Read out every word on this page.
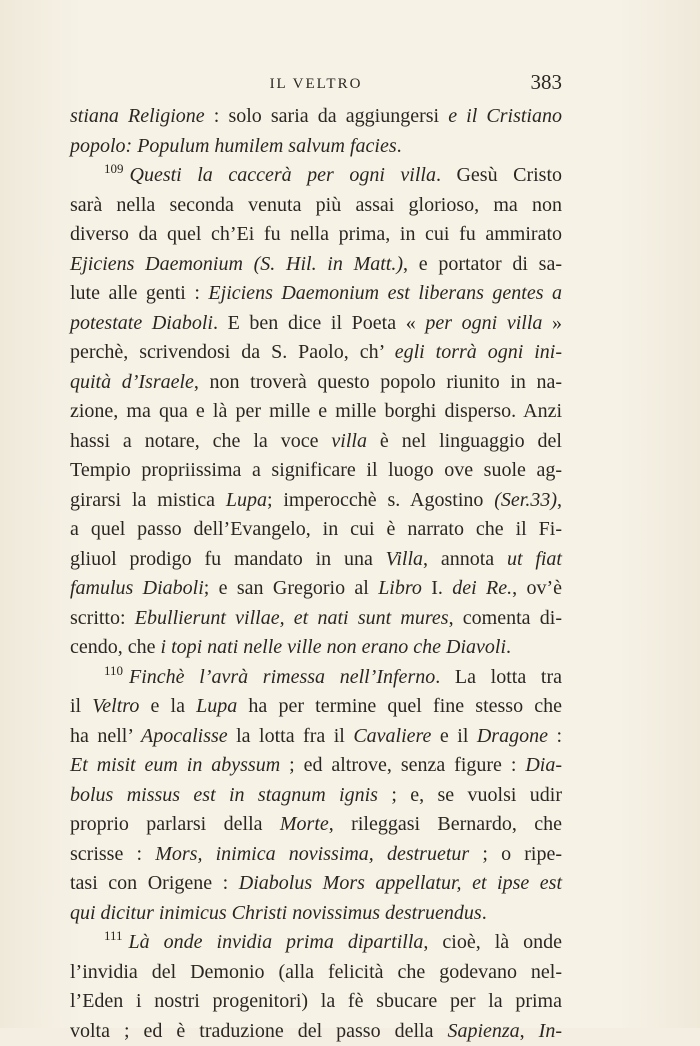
IL VELTRO	383
stiana Religione : solo saria da aggiungersi e il Cristiano
popolo: Populum humilem salvum facies.
$^{109}$ Questi la caccerà per ogni villa. Gesù Cristo
sarà nella seconda venuta più assai glorioso, ma non
diverso da quel ch’Ei fu nella prima, in cui fu ammirato
Ejiciens Daemonium (S. Hil. in Matt.), e portator di sa-
lute alle genti : Ejiciens Daemonium est liberans gentes a
potestate Diaboli. E ben dice il Poeta « per ogni villa »
perchè, scrivendosi da S. Paolo, ch’ egli torrà ogni ini-
quità d’Israele, non troverà questo popolo riunito in na-
zione, ma qua e là per mille e mille borghi disperso. Anzi
hassi a notare, che la voce villa è nel linguaggio del
Tempio propriissima a significare il luogo ove suole ag-
girarsi la mistica Lupa; imperocchè s. Agostino (Ser.33),
a quel passo dell’Evangelo, in cui è narrato che il Fi-
gliuol prodigo fu mandato in una Villa, annota ut fiat
famulus Diaboli; e san Gregorio al Libro I. dei Re., ov’è
scritto: Ebullierunt villae, et nati sunt mures, comenta di-
cendo, che i topi nati nelle ville non erano che Diavoli.
$^{110}$ Finchè l’avrà rimessa nell’Inferno. La lotta tra
il Veltro e la Lupa ha per termine quel fine stesso che
ha nell’ Apocalisse la lotta fra il Cavaliere e il Dragone :
Et misit eum in abyssum ; ed altrove, senza figure : Dia-
bolus missus est in stagnum ignis ; e, se vuolsi udir
proprio parlarsi della Morte, rileggasi Bernardo, che
scrisse : Mors, inimica novissima, destruetur ; o ripe-
tasi con Origene : Diabolus Mors appellatur, et ipse est
qui dicitur inimicus Christi novissimus destruendus.
$^{111}$ Là onde invidia prima dipartilla, cioè, là onde
l’invidia del Demonio (alla felicità che godevano nel-
l’Eden i nostri progenitori) la fè sbucare per la prima
volta ; ed è traduzione del passo della Sapienza, In-
